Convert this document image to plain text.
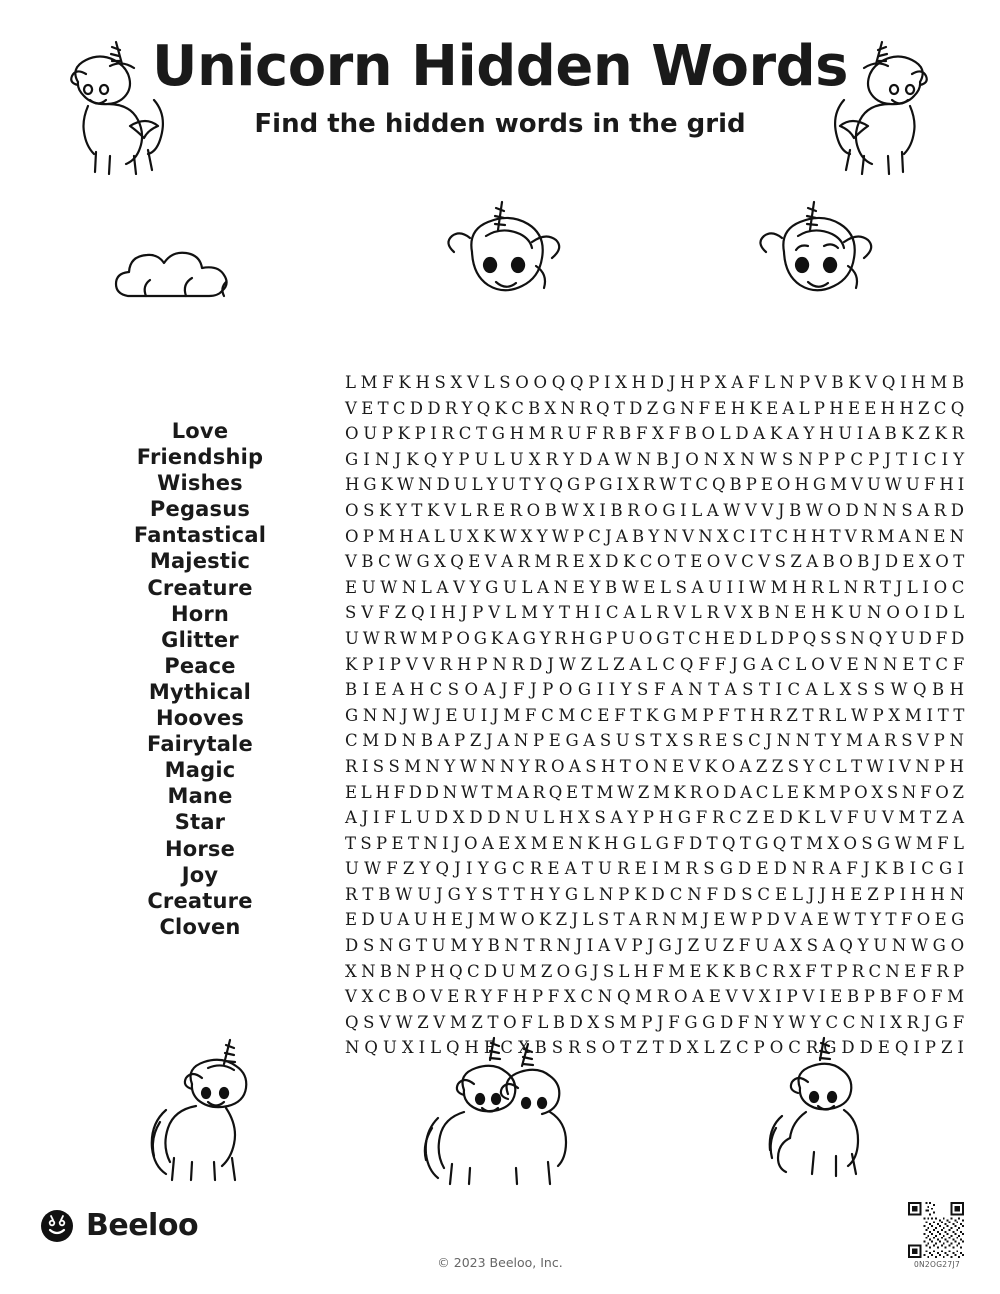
Unicorn Hidden Words
Find the hidden words in the grid
Love
Friendship
Wishes
Pegasus
Fantastical
Majestic
Creature
Horn
Glitter
Peace
Mythical
Hooves
Fairytale
Magic
Mane
Star
Horse
Joy
Creature
Cloven
L M F K H S X V L S O O Q Q P I X H D J H P X A F L N P V B K V Q I H M B
V E T C D D R Y Q K C B X N R Q T D Z G N F E H K E A L P H E E H H Z C Q
O U P K P I R C T G H M R U F R B F X F B O L D A K A Y H U I A B K Z K R
G I N J K Q Y P U L U X R Y D A W N B J O N X N W S N P P C P J T I C I Y
H G K W N D U L Y U T Y Q G P G I X R W T C Q B P E O H G M V U W U F H I
O S K Y T K V L R E R O B W X I B R O G I L A W V V J B W O D N N S A R D
O P M H A L U X K W X Y W P C J A B Y N V N X C I T C H H T V R M A N E N
V B C W G X Q E V A R M R E X D K C O T E O V C V S Z A B O B J D E X O T
E U W N L A V Y G U L A N E Y B W E L S A U I I W M H R L N R T J L I O C
S V F Z Q I H J P V L M Y T H I C A L R V L R V X B N E H K U N O O I D L
U W R W M P O G K A G Y R H G P U O G T C H E D L D P Q S S N Q Y U D F D
K P I P V V R H P N R D J W Z L Z A L C Q F F J G A C L O V E N N E T C F
B I E A H C S O A J F J P O G I I Y S F A N T A S T I C A L X S S W Q B H
G N N J W J E U I J M F C M C E F T K G M P F T H R Z T R L W P X M I T T
C M D N B A P Z J A N P E G A S U S T X S R E S C J N N T Y M A R S V P N
R I S S M N Y W N N Y R O A S H T O N E V K O A Z Z S Y C L T W I V N P H
E L H F D D N W T M A R Q E T M W Z M K R O D A C L E K M P O X S N F O Z
A J I F L U D X D D N U L H X S A Y P H G F R C Z E D K L V F U V M T Z A
T S P E T N I J O A E X M E N K H G L G F D T Q T G Q T M X O S G W M F L
U W F Z Y Q J I Y G C R E A T U R E I M R S G D E D N R A F J K B I C G I
R T B W U J G Y S T T H Y G L N P K D C N F D S C E L J J H E Z P I H H N
E D U A U H E J M W O K Z J L S T A R N M J E W P D V A E W T Y T F O E G
D S N G T U M Y B N T R N J I A V P J G J Z U Z F U A X S A Q Y U N W G O
X N B N P H Q C D U M Z O G J S L H F M E K K B C R X F T P R C N E F R P
V X C B O V E R Y F H P F X C N Q M R O A E V V X I P V I E B P B F O F M
Q S V W Z V M Z T O F L B D X S M P J F G G D F N Y W Y C C N I X R J G F
N Q U X I L Q H F C X B S R S O T Z T D X L Z C P O C R G D D E Q I P Z I
Beeloo
© 2023 Beeloo, Inc.	0N2OG27J7
